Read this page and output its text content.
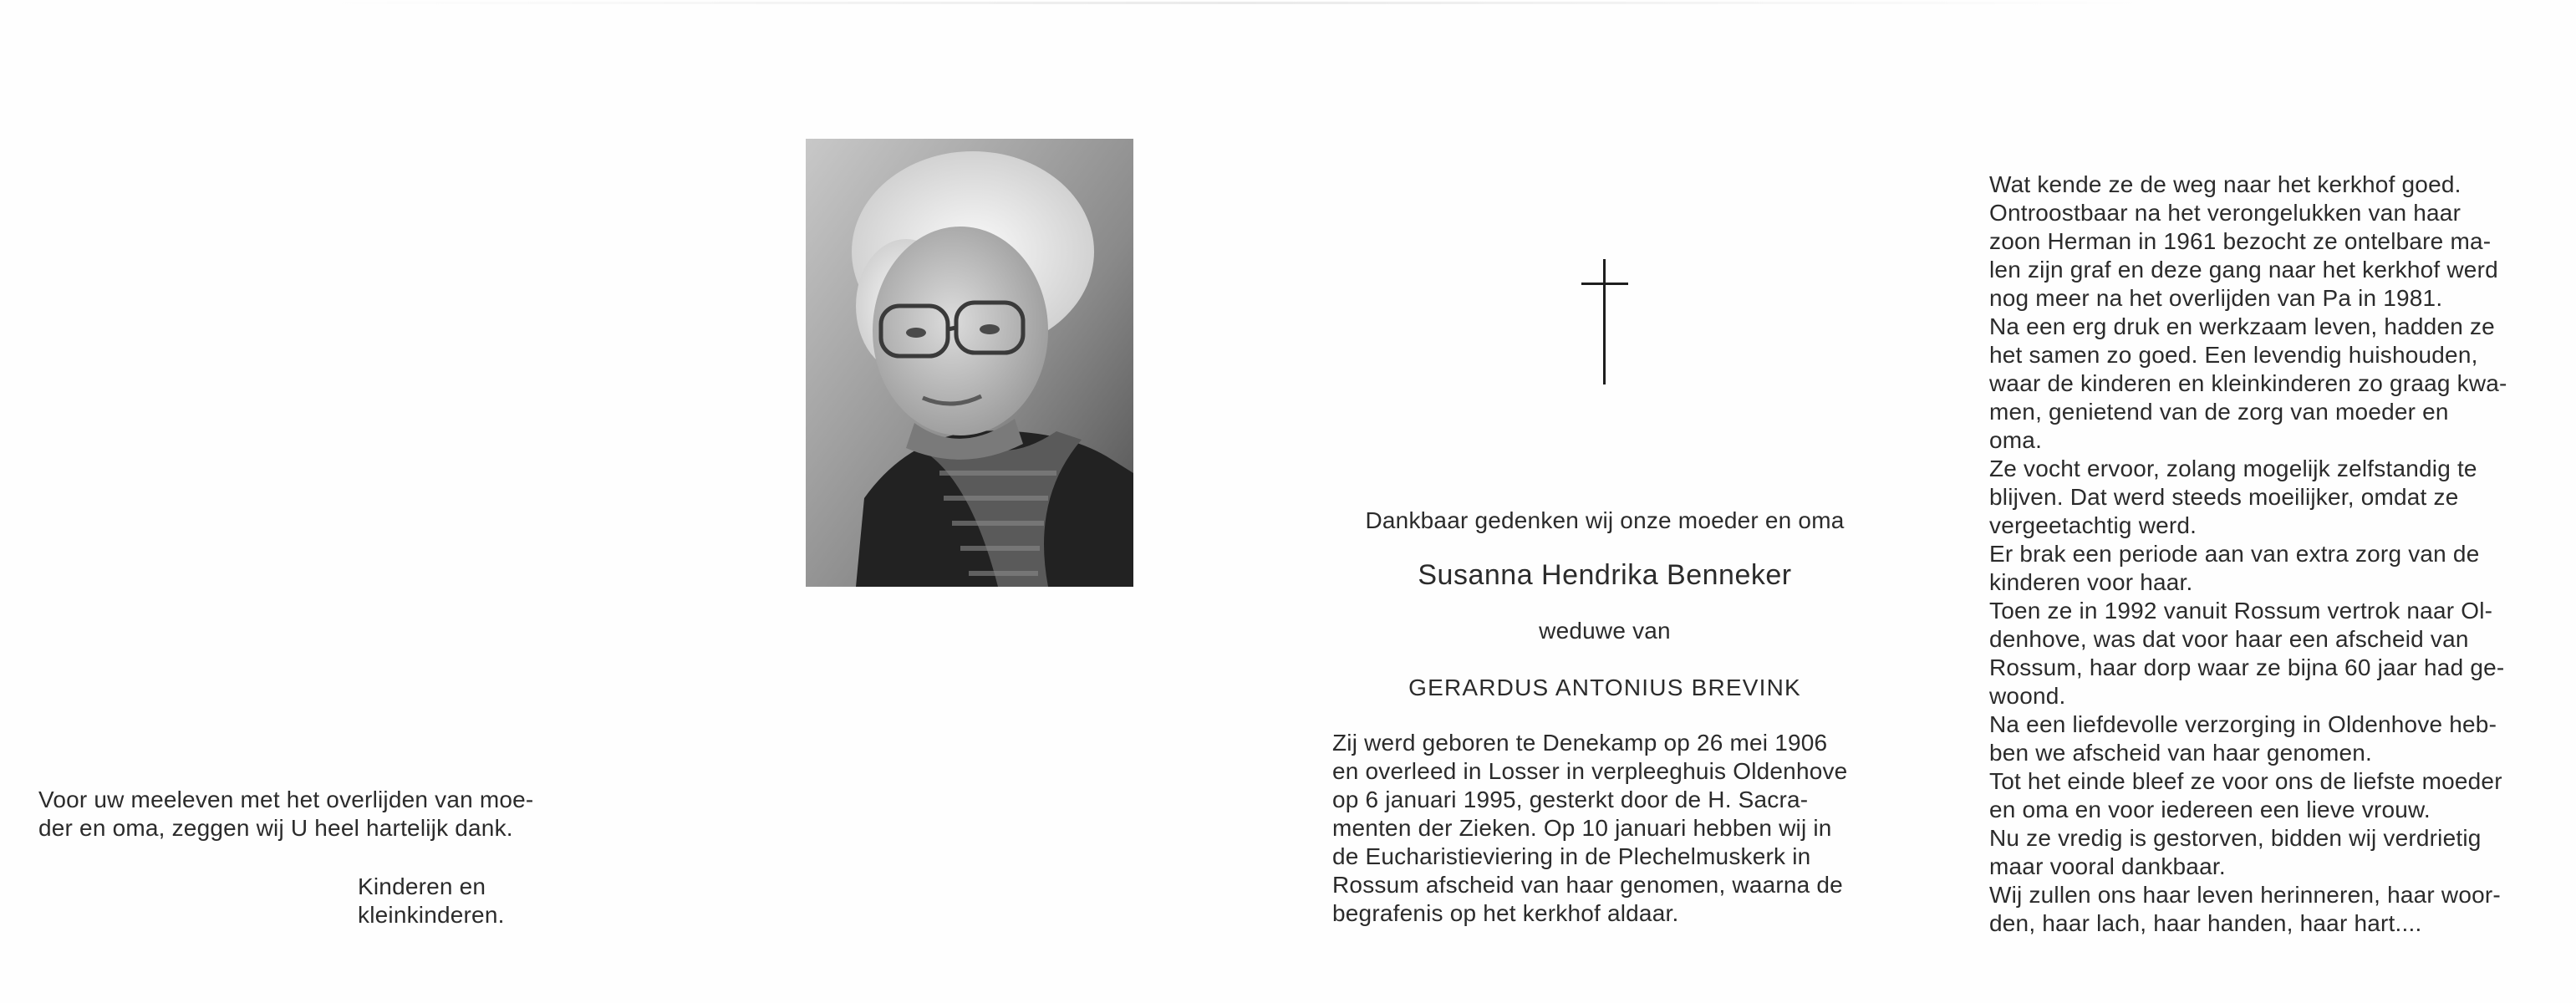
Voor uw meeleven met het overlijden van moe-

der en oma, zeggen wij U heel hartelijk dank.

Kinderen en

kleinkinderen.

Dankbaar gedenken wij onze moeder en oma
Susanna Hendrika Benneker
weduwe van
GERARDUS ANTONIUS BREVINK

Zij werd geboren te Denekamp op 26 mei 1906

en overleed in Losser in verpleeghuis Oldenhove

op 6 januari 1995, gesterkt door de H. Sacra-

menten der Zieken. Op 10 januari hebben wij in

de Eucharistieviering in de Plechelmuskerk in

Rossum afscheid van haar genomen, waarna de

begrafenis op het kerkhof aldaar.

Wat kende ze de weg naar het kerkhof goed.

Ontroostbaar na het verongelukken van haar

zoon Herman in 1961 bezocht ze ontelbare ma-

len zijn graf en deze gang naar het kerkhof werd

nog meer na het overlijden van Pa in 1981.

Na een erg druk en werkzaam leven, hadden ze

het samen zo goed. Een levendig huishouden,

waar de kinderen en kleinkinderen zo graag kwa-

men, genietend van de zorg van moeder en

oma.

Ze vocht ervoor, zolang mogelijk zelfstandig te

blijven. Dat werd steeds moeilijker, omdat ze

vergeetachtig werd.

Er brak een periode aan van extra zorg van de

kinderen voor haar.

Toen ze in 1992 vanuit Rossum vertrok naar Ol-

denhove, was dat voor haar een afscheid van

Rossum, haar dorp waar ze bijna 60 jaar had ge-

woond.

Na een liefdevolle verzorging in Oldenhove heb-

ben we afscheid van haar genomen.

Tot het einde bleef ze voor ons de liefste moeder

en oma en voor iedereen een lieve vrouw.

Nu ze vredig is gestorven, bidden wij verdrietig

maar vooral dankbaar.

Wij zullen ons haar leven herinneren, haar woor-

den, haar lach, haar handen, haar hart....
